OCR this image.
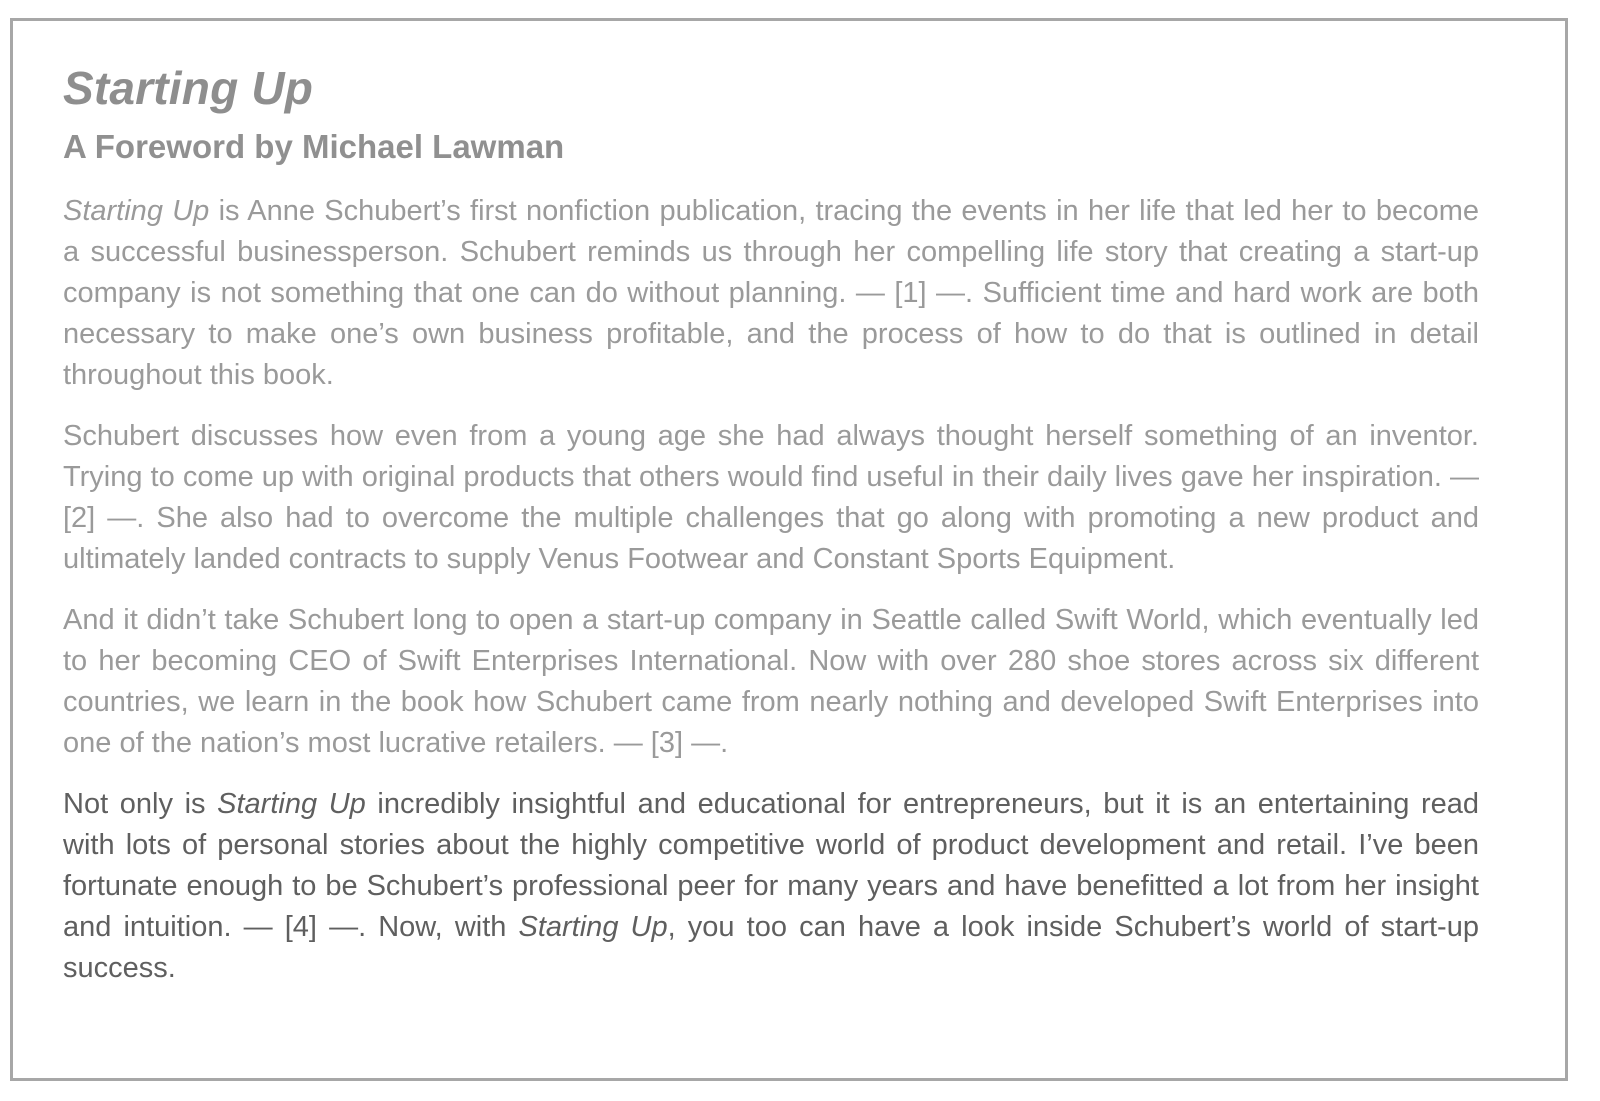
Starting Up
A Foreword by Michael Lawman

Starting Up is Anne Schubert’s first nonfiction publication, tracing the events in her life that led her to become a successful businessperson. Schubert reminds us through her compelling life story that creating a start-up company is not something that one can do without planning. — [1] —. Sufficient time and hard work are both necessary to make one’s own business profitable, and the process of how to do that is outlined in detail throughout this book.

Schubert discusses how even from a young age she had always thought herself something of an inventor. Trying to come up with original products that others would find useful in their daily lives gave her inspiration. — [2] —. She also had to overcome the multiple challenges that go along with promoting a new product and ultimately landed contracts to supply Venus Footwear and Constant Sports Equipment.

And it didn’t take Schubert long to open a start-up company in Seattle called Swift World, which eventually led to her becoming CEO of Swift Enterprises International. Now with over 280 shoe stores across six different countries, we learn in the book how Schubert came from nearly nothing and developed Swift Enterprises into one of the nation’s most lucrative retailers. — [3] —.

Not only is Starting Up incredibly insightful and educational for entrepreneurs, but it is an entertaining read with lots of personal stories about the highly competitive world of product development and retail. I’ve been fortunate enough to be Schubert’s professional peer for many years and have benefitted a lot from her insight and intuition. — [4] —. Now, with Starting Up, you too can have a look inside Schubert’s world of start-up success.
